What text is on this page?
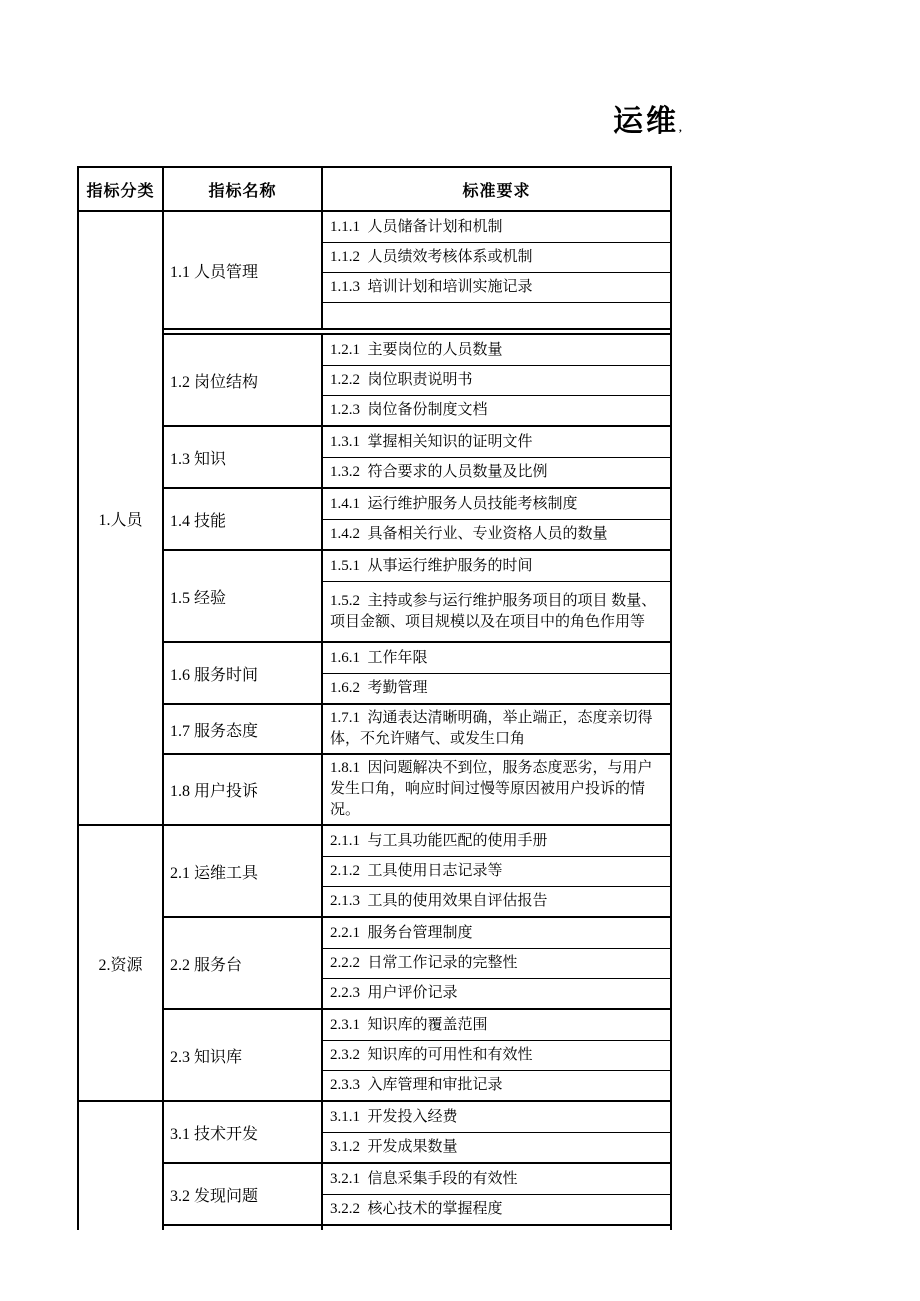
运维,
指标分类	指标名称	标准要求
1.人员
1.1 人员管理
1.1.1  人员储备计划和机制
1.1.2  人员绩效考核体系或机制
1.1.3  培训计划和培训实施记录
1.2 岗位结构
1.2.1  主要岗位的人员数量
1.2.2  岗位职责说明书
1.2.3  岗位备份制度文档
1.3 知识
1.3.1  掌握相关知识的证明文件
1.3.2  符合要求的人员数量及比例
1.4 技能
1.4.1  运行维护服务人员技能考核制度
1.4.2  具备相关行业、专业资格人员的数量
1.5 经验
1.5.1  从事运行维护服务的时间
1.5.2  主持或参与运行维护服务项目的项目 数量、项目金额、项目规模以及在项目中的角色作用等
1.6 服务时间
1.6.1  工作年限
1.6.2  考勤管理
1.7 服务态度
1.7.1  沟通表达清晰明确，举止端正，态度亲切得体，不允许赌气、或发生口角
1.8 用户投诉
1.8.1  因问题解决不到位，服务态度恶劣，与用户发生口角，响应时间过慢等原因被用户投诉的情况。
2.资源
2.1 运维工具
2.1.1  与工具功能匹配的使用手册
2.1.2  工具使用日志记录等
2.1.3  工具的使用效果自评估报告
2.2 服务台
2.2.1  服务台管理制度
2.2.2  日常工作记录的完整性
2.2.3  用户评价记录
2.3 知识库
2.3.1  知识库的覆盖范围
2.3.2  知识库的可用性和有效性
2.3.3  入库管理和审批记录
3.1 技术开发
3.1.1  开发投入经费
3.1.2  开发成果数量
3.2 发现问题
3.2.1  信息采集手段的有效性
3.2.2  核心技术的掌握程度
